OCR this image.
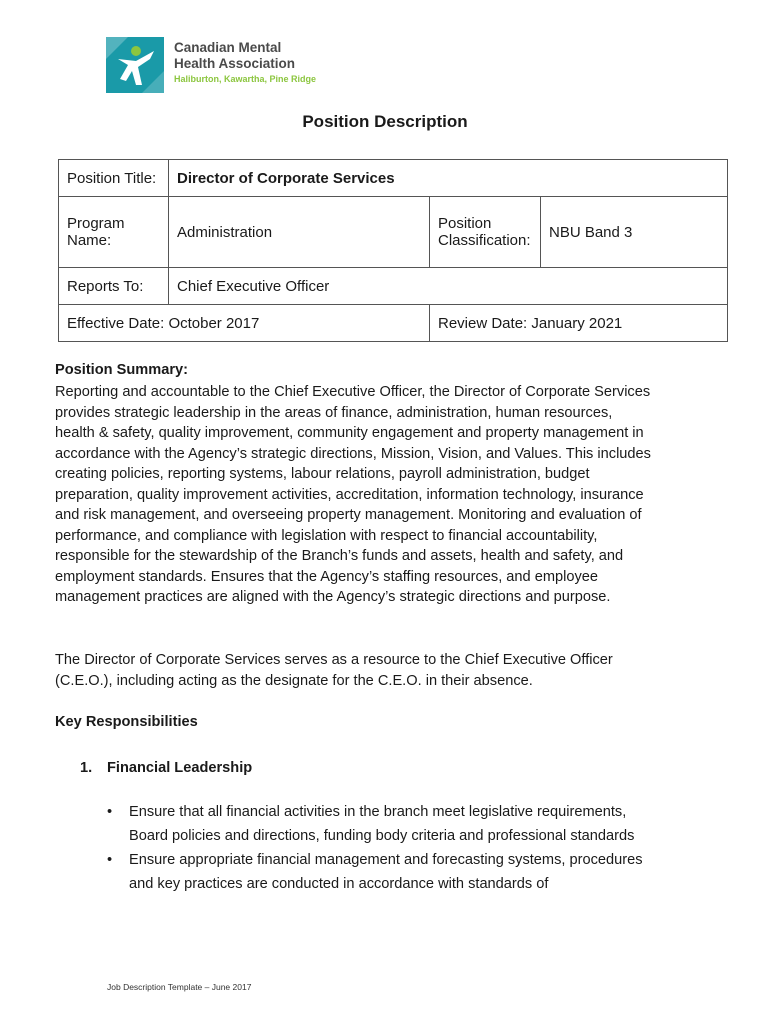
Canadian Mental
Health Association
Haliburton, Kawartha, Pine Ridge
Position Description
Position Title:	Director of Corporate Services		
Program Name:	Administration	Position Classification:	NBU Band 3
Reports To:	Chief Executive Officer		
Effective Date: October 2017		Review Date: January 2021	
Position Summary:
Reporting and accountable to the Chief Executive Officer, the Director of Corporate Services provides strategic leadership in the areas of finance, administration, human resources, health & safety, quality improvement, community engagement and property management in accordance with the Agency’s strategic directions, Mission, Vision, and Values. This includes creating policies, reporting systems, labour relations, payroll administration, budget preparation, quality improvement activities, accreditation, information technology, insurance and risk management, and overseeing property management. Monitoring and evaluation of performance, and compliance with legislation with respect to financial accountability, responsible for the stewardship of the Branch’s funds and assets, health and safety, and employment standards. Ensures that the Agency’s staffing resources, and employee management practices are aligned with the Agency’s strategic directions and purpose.
The Director of Corporate Services serves as a resource to the Chief Executive Officer (C.E.O.), including acting as the designate for the C.E.O. in their absence.
Key Responsibilities
1. Financial Leadership
• Ensure that all financial activities in the branch meet legislative requirements, Board policies and directions, funding body criteria and professional standards
• Ensure appropriate financial management and forecasting systems, procedures and key practices are conducted in accordance with standards of
Job Description Template – June 2017
